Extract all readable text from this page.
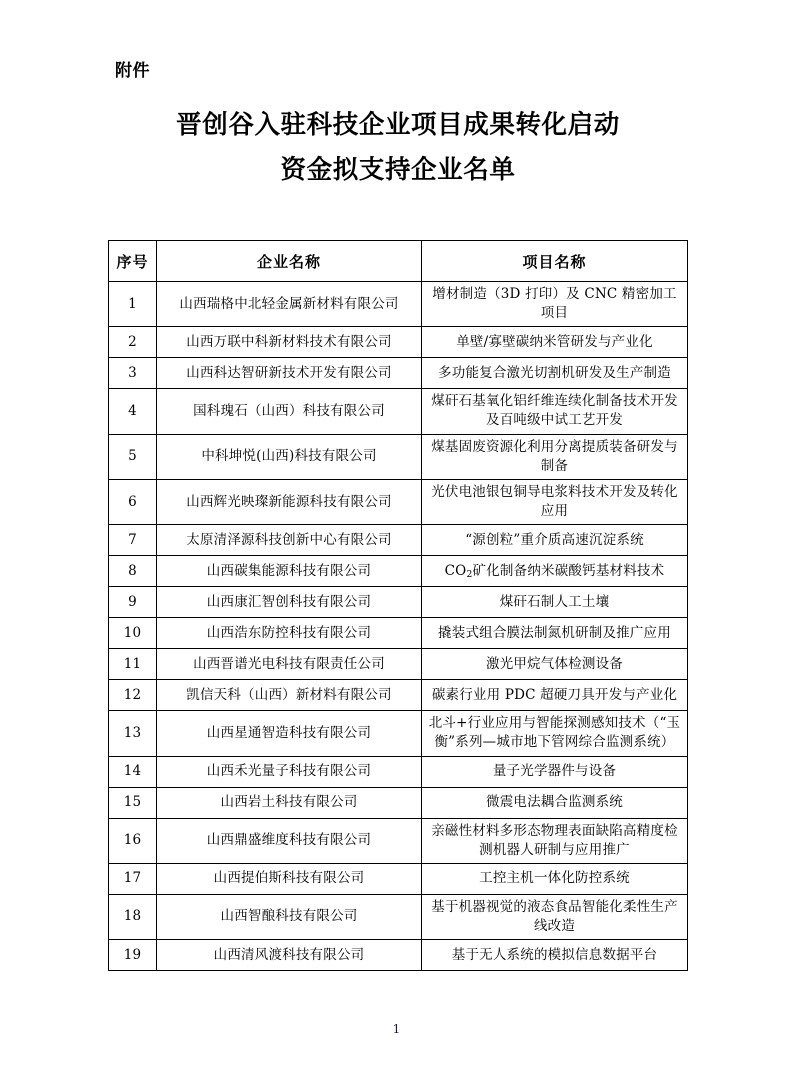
附件
晋创谷入驻科技企业项目成果转化启动
资金拟支持企业名单
序号	企业名称	项目名称
1	山西瑞格中北轻金属新材料有限公司	增材制造（3D 打印）及 CNC 精密加工项目
2	山西万联中科新材料技术有限公司	单壁/寡壁碳纳米管研发与产业化
3	山西科达智研新技术开发有限公司	多功能复合激光切割机研发及生产制造
4	国科瑰石（山西）科技有限公司	煤矸石基氧化铝纤维连续化制备技术开发及百吨级中试工艺开发
5	中科坤悦(山西)科技有限公司	煤基固废资源化利用分离提质装备研发与制备
6	山西辉光映璨新能源科技有限公司	光伏电池银包铜导电浆料技术开发及转化应用
7	太原清泽源科技创新中心有限公司	“源创粒”重介质高速沉淀系统
8	山西碳集能源科技有限公司	$CO_2$矿化制备纳米碳酸钙基材料技术
9	山西康汇智创科技有限公司	煤矸石制人工土壤
10	山西浩东防控科技有限公司	撬装式组合膜法制氮机研制及推广应用
11	山西晋谱光电科技有限责任公司	激光甲烷气体检测设备
12	凯信天科（山西）新材料有限公司	碳素行业用 PDC 超硬刀具开发与产业化
13	山西星通智造科技有限公司	北斗+行业应用与智能探测感知技术（“玉衡”系列—城市地下管网综合监测系统）
14	山西禾光量子科技有限公司	量子光学器件与设备
15	山西岩土科技有限公司	微震电法耦合监测系统
16	山西鼎盛维度科技有限公司	亲磁性材料多形态物理表面缺陷高精度检测机器人研制与应用推广
17	山西提伯斯科技有限公司	工控主机一体化防控系统
18	山西智酿科技有限公司	基于机器视觉的液态食品智能化柔性生产线改造
19	山西清风渡科技有限公司	基于无人系统的模拟信息数据平台
1
